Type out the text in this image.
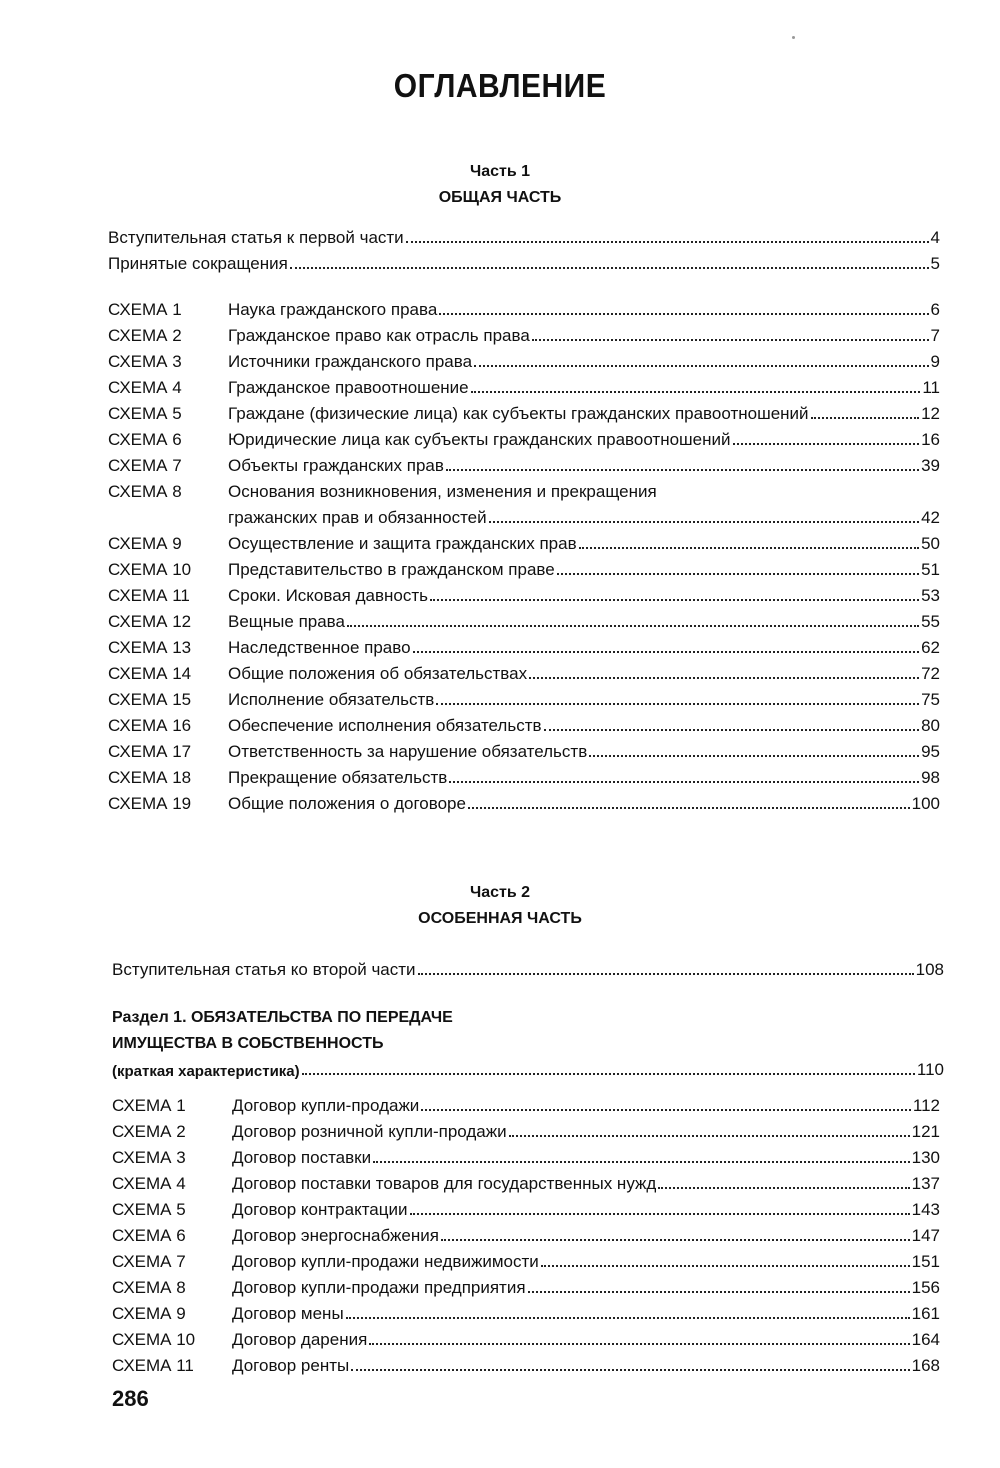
ОГЛАВЛЕНИЕ
Часть 1
ОБЩАЯ ЧАСТЬ
Вступительная статья к первой части	4
Принятые сокращения	5
СХЕМА 1	Наука гражданского права	6
СХЕМА 2	Гражданское право как отрасль права	7
СХЕМА 3	Источники гражданского права	9
СХЕМА 4	Гражданское правоотношение	11
СХЕМА 5	Граждане (физические лица) как субъекты гражданских правоотношений	12
СХЕМА 6	Юридические лица как субъекты гражданских правоотношений	16
СХЕМА 7	Объекты гражданских прав	39
СХЕМА 8	Основания возникновения, изменения и прекращения
гражанских прав и обязанностей	42
СХЕМА 9	Осуществление и защита гражданских прав	50
СХЕМА 10	Представительство в гражданском праве	51
СХЕМА 11	Сроки. Исковая давность	53
СХЕМА 12	Вещные права	55
СХЕМА 13	Наследственное право	62
СХЕМА 14	Общие положения об обязательствах	72
СХЕМА 15	Исполнение обязательств	75
СХЕМА 16	Обеспечение исполнения обязательств	80
СХЕМА 17	Ответственность за нарушение обязательств	95
СХЕМА 18	Прекращение обязательств	98
СХЕМА 19	Общие положения о договоре	100
Часть 2
ОСОБЕННАЯ ЧАСТЬ
Вступительная статья ко второй части	108
Раздел 1. ОБЯЗАТЕЛЬСТВА ПО ПЕРЕДАЧЕ
ИМУЩЕСТВА В СОБСТВЕННОСТЬ
(краткая характеристика)	110
СХЕМА 1	Договор купли-продажи	112
СХЕМА 2	Договор розничной купли-продажи	121
СХЕМА 3	Договор поставки	130
СХЕМА 4	Договор поставки товаров для государственных нужд	137
СХЕМА 5	Договор контрактации	143
СХЕМА 6	Договор энергоснабжения	147
СХЕМА 7	Договор купли-продажи недвижимости	151
СХЕМА 8	Договор купли-продажи предприятия	156
СХЕМА 9	Договор мены	161
СХЕМА 10	Договор дарения	164
СХЕМА 11	Договор ренты	168
286
